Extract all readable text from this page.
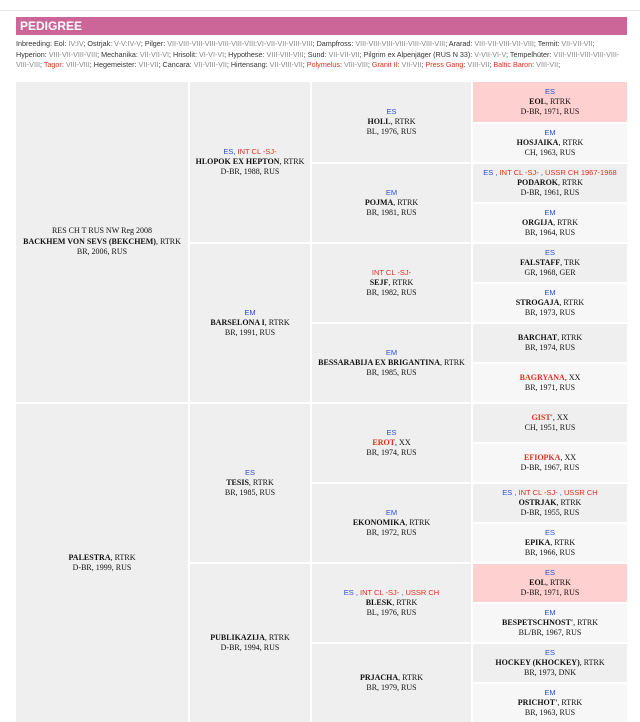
PEDIGREE
Inbreeding: Eol: IV:IV; Ostrjak: V-V:IV-V; Pilger: VII-VIII-VIII-VIII-VIII-VIII-VIII:VI-VII-VII-VIII-VIII; Dampfross: VIII-VIII-VIII-VIII-VIII-VIII-VIII; Ararad: VIII-VII-VIII-VII-VIII; Termit: VII-VII-VII; Hyperion: VIII-VII-VIII-VIII; Mechanika: VII-VII-VI; Hrisolit: VI-VI-VI; Hypothese: VIII-VIII-VIII; Sund: VII-VII-VII; Pilgrim ex Alpenjäger (RUS N 33): V-VII-VI-V; Tempelhüter: VIII-VIII-VIII-VIII-VIII-VIII-VIII; Tagor: VIII-VIII; Hegemeister: VII-VII; Cancara: VII-VIII-VII; Hirtensang: VII-VIII-VII; Polymelus: VIII-VIII; Granit II: VII-VII; Press Gang: VIII-VII; Baltic Baron: VIII-VII;
RES CH T RUS NW Reg 2008
BACKHEM VON SEVS (BEKCHEM), RTRK
BR, 2006, RUS
PALESTRA, RTRK
D-BR, 1999, RUS
ES, INT CL -SJ-
HLOPOK EX HEPTON, RTRK
D-BR, 1988, RUS
EM
BARSELONA I, RTRK
BR, 1991, RUS
ES
TESIS, RTRK
BR, 1985, RUS
PUBLIKAZIJA, RTRK
D-BR, 1994, RUS
ES
HOLL, RTRK
BL, 1976, RUS
EM
POJMA, RTRK
BR, 1981, RUS
INT CL -SJ-
SEJF, RTRK
BR, 1982, RUS
EM
BESSARABIJA EX BRIGANTINA, RTRK
BR, 1985, RUS
ES
EROT, XX
BR, 1974, RUS
EM
EKONOMIKA, RTRK
BR, 1972, RUS
ES , INT CL -SJ- , USSR CH
BLESK, RTRK
BL, 1976, RUS
PRJACHA, RTRK
BR, 1979, RUS
ES
EOL, RTRK
D-BR, 1971, RUS
EM
HOSJAIKA, RTRK
CH, 1963, RUS
ES , INT CL -SJ- , USSR CH 1967-1968
PODAROK, RTRK
D-BR, 1961, RUS
EM
ORGIJA, RTRK
BR, 1964, RUS
ES
FALSTAFF, TRK
GR, 1968, GER
EM
STROGAJA, RTRK
BR, 1973, RUS
BARCHAT, RTRK
BR, 1974, RUS
BAGRYANA, XX
BR, 1971, RUS
GIST', XX
CH, 1951, RUS
EFIOPKA, XX
D-BR, 1967, RUS
ES , INT CL -SJ- , USSR CH
OSTRJAK, RTRK
D-BR, 1955, RUS
ES
EPIKA, RTRK
BR, 1966, RUS
ES
EOL, RTRK
D-BR, 1971, RUS
EM
BESPETSCHNOST', RTRK
BL/BR, 1967, RUS
ES
HOCKEY (KHOCKEY), RTRK
BR, 1973, DNK
EM
PRICHOT', RTRK
BR, 1963, RUS
